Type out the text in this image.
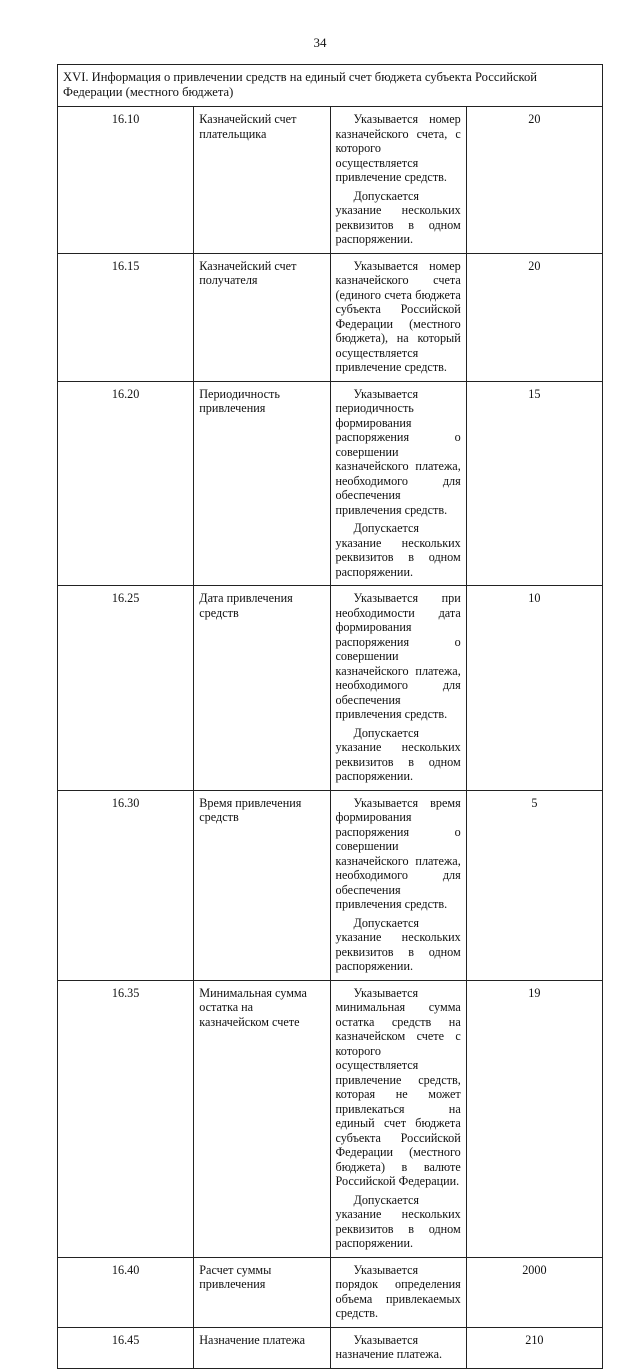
34
XVI. Информация о привлечении средств на единый счет бюджета субъекта Российской Федерации (местного бюджета)			
16.10	Казначейский счет плательщика	Указывается номер казначейского счета, с которого осуществляется привлечение средств.

Допускается указание нескольких реквизитов в одном распоряжении.	20
16.15	Казначейский счет получателя	Указывается номер казначейского счета (единого счета бюджета субъекта Российской Федерации (местного бюджета), на который осуществляется привлечение средств.	20
16.20	Периодичность привлечения	Указывается периодичность формирования распоряжения о совершении казначейского платежа, необходимого для обеспечения привлечения средств.

Допускается указание нескольких реквизитов в одном распоряжении.	15
16.25	Дата привлечения средств	Указывается при необходимости дата формирования распоряжения о совершении казначейского платежа, необходимого для обеспечения привлечения средств.

Допускается указание нескольких реквизитов в одном распоряжении.	10
16.30	Время привлечения средств	Указывается время формирования распоряжения о совершении казначейского платежа, необходимого для обеспечения привлечения средств.

Допускается указание нескольких реквизитов в одном распоряжении.	5
16.35	Минимальная сумма остатка на казначейском счете	Указывается минимальная сумма остатка средств на казначейском счете с которого осуществляется привлечение средств, которая не может привлекаться на единый счет бюджета субъекта Российской Федерации (местного бюджета) в валюте Российской Федерации.

Допускается указание нескольких реквизитов в одном распоряжении.	19
16.40	Расчет суммы привлечения	Указывается порядок определения объема привлекаемых средств.	2000
16.45	Назначение платежа	Указывается назначение платежа.	210
